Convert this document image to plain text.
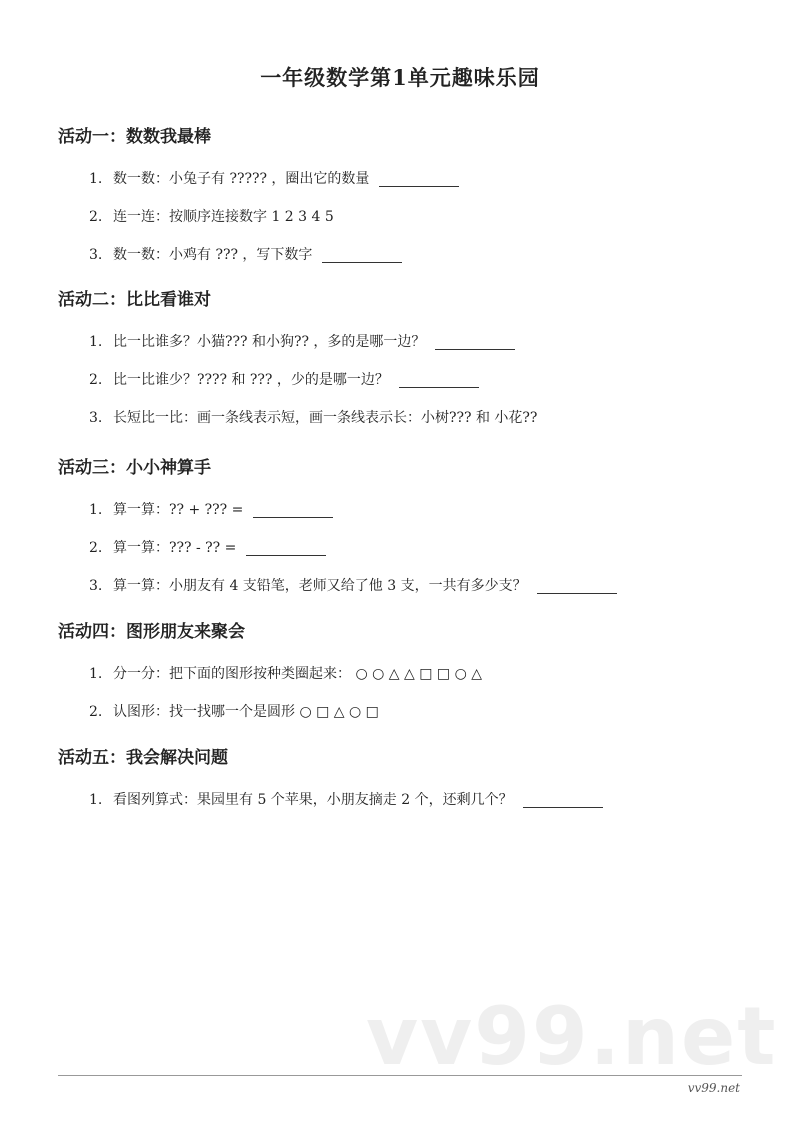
一年级数学第1单元趣味乐园
活动一：数数我最棒
1. 数一数：小兔子有 ????? ，圈出它的数量
2. 连一连：按顺序连接数字 1 2 3 4 5
3. 数一数：小鸡有 ??? ，写下数字
活动二：比比看谁对
1. 比一比谁多？小猫??? 和小狗?? ，多的是哪一边？
2. 比一比谁少？???? 和 ??? ，少的是哪一边？
3. 长短比一比：画一条线表示短，画一条线表示长：小树??? 和 小花??
活动三：小小神算手
1. 算一算：?? + ??? =
2. 算一算：??? - ?? =
3. 算一算：小朋友有 4 支铅笔，老师又给了他 3 支，一共有多少支？
活动四：图形朋友来聚会
1. 分一分：把下面的图形按种类圈起来： ○ ○ △ △ □ □ ○ △
2. 认图形：找一找哪一个是圆形 ○ □ △ ○ □
活动五：我会解决问题
1. 看图列算式：果园里有 5 个苹果，小朋友摘走 2 个，还剩几个？
vv99.net
vv99.net
